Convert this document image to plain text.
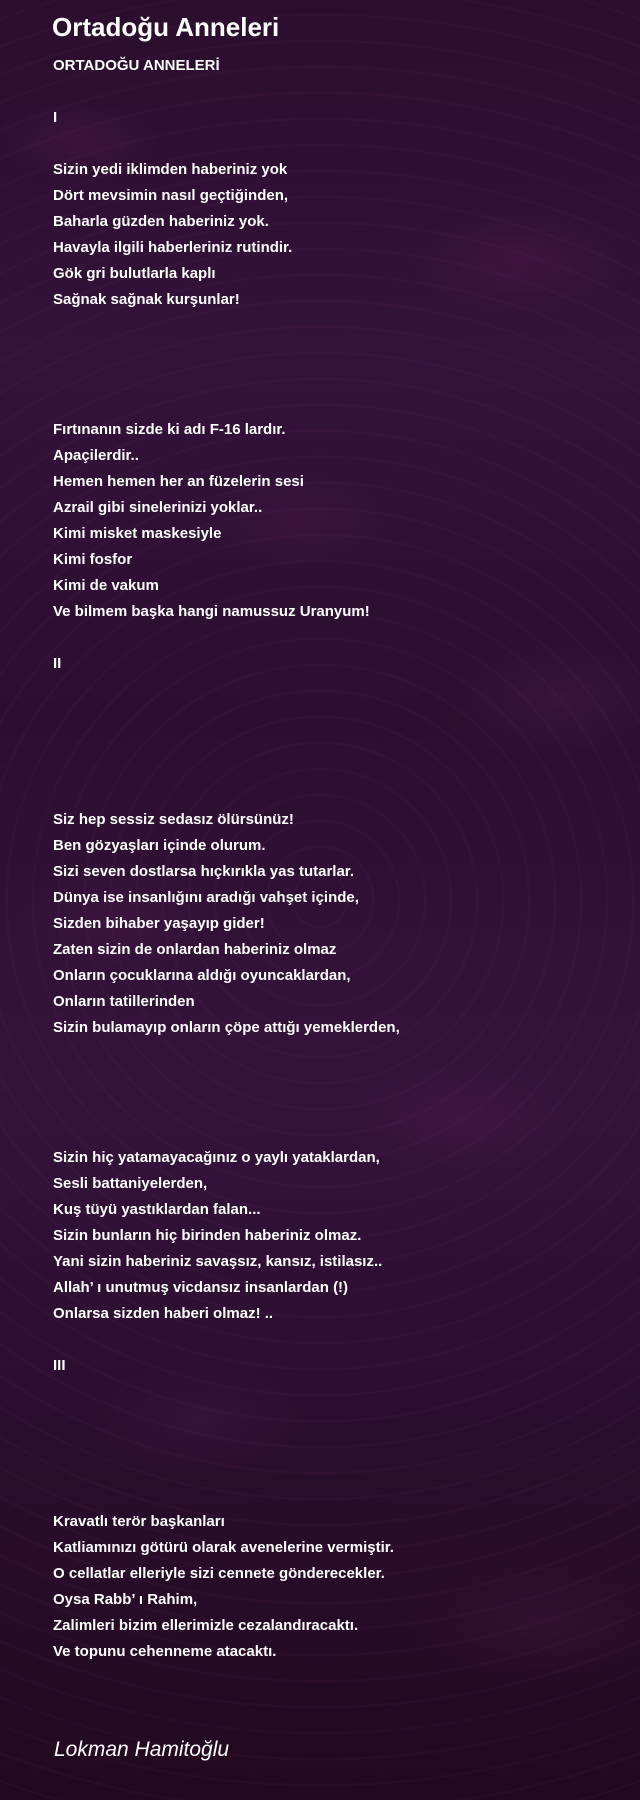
Ortadoğu Anneleri
ORTADOĞU ANNELERİ
I
Sizin yedi iklimden haberiniz yok
Dört mevsimin nasıl geçtiğinden,
Baharla güzden haberiniz yok.
Havayla ilgili haberleriniz rutindir.
Gök gri bulutlarla kaplı
Sağnak sağnak kurşunlar!
Fırtınanın sizde ki adı F-16 lardır.
Apaçilerdir..
Hemen hemen her an füzelerin sesi
Azrail gibi sinelerinizi yoklar..
Kimi misket maskesiyle
Kimi fosfor
Kimi de vakum
Ve bilmem başka hangi namussuz Uranyum!
II
Siz hep sessiz sedasız ölürsünüz!
Ben gözyaşları içinde olurum.
Sizi seven dostlarsa hıçkırıkla yas tutarlar.
Dünya ise insanlığını aradığı vahşet içinde,
Sizden bihaber yaşayıp gider!
Zaten sizin de onlardan haberiniz olmaz
Onların çocuklarına aldığı oyuncaklardan,
Onların tatillerinden
Sizin bulamayıp onların çöpe attığı yemeklerden,
Sizin hiç yatamayacağınız o yaylı yataklardan,
Sesli battaniyelerden,
Kuş tüyü yastıklardan falan...
Sizin bunların hiç birinden haberiniz olmaz.
Yani sizin haberiniz savaşsız, kansız, istilasız..
Allah’ ı unutmuş vicdansız insanlardan (!)
Onlarsa sizden haberi olmaz! ..
III
Kravatlı terör başkanları
Katliamınızı götürü olarak avenelerine vermiştir.
O cellatlar elleriyle sizi cennete gönderecekler.
Oysa Rabb’ ı Rahim,
Zalimleri bizim ellerimizle cezalandıracaktı.
Ve topunu cehenneme atacaktı.
Lokman Hamitoğlu
